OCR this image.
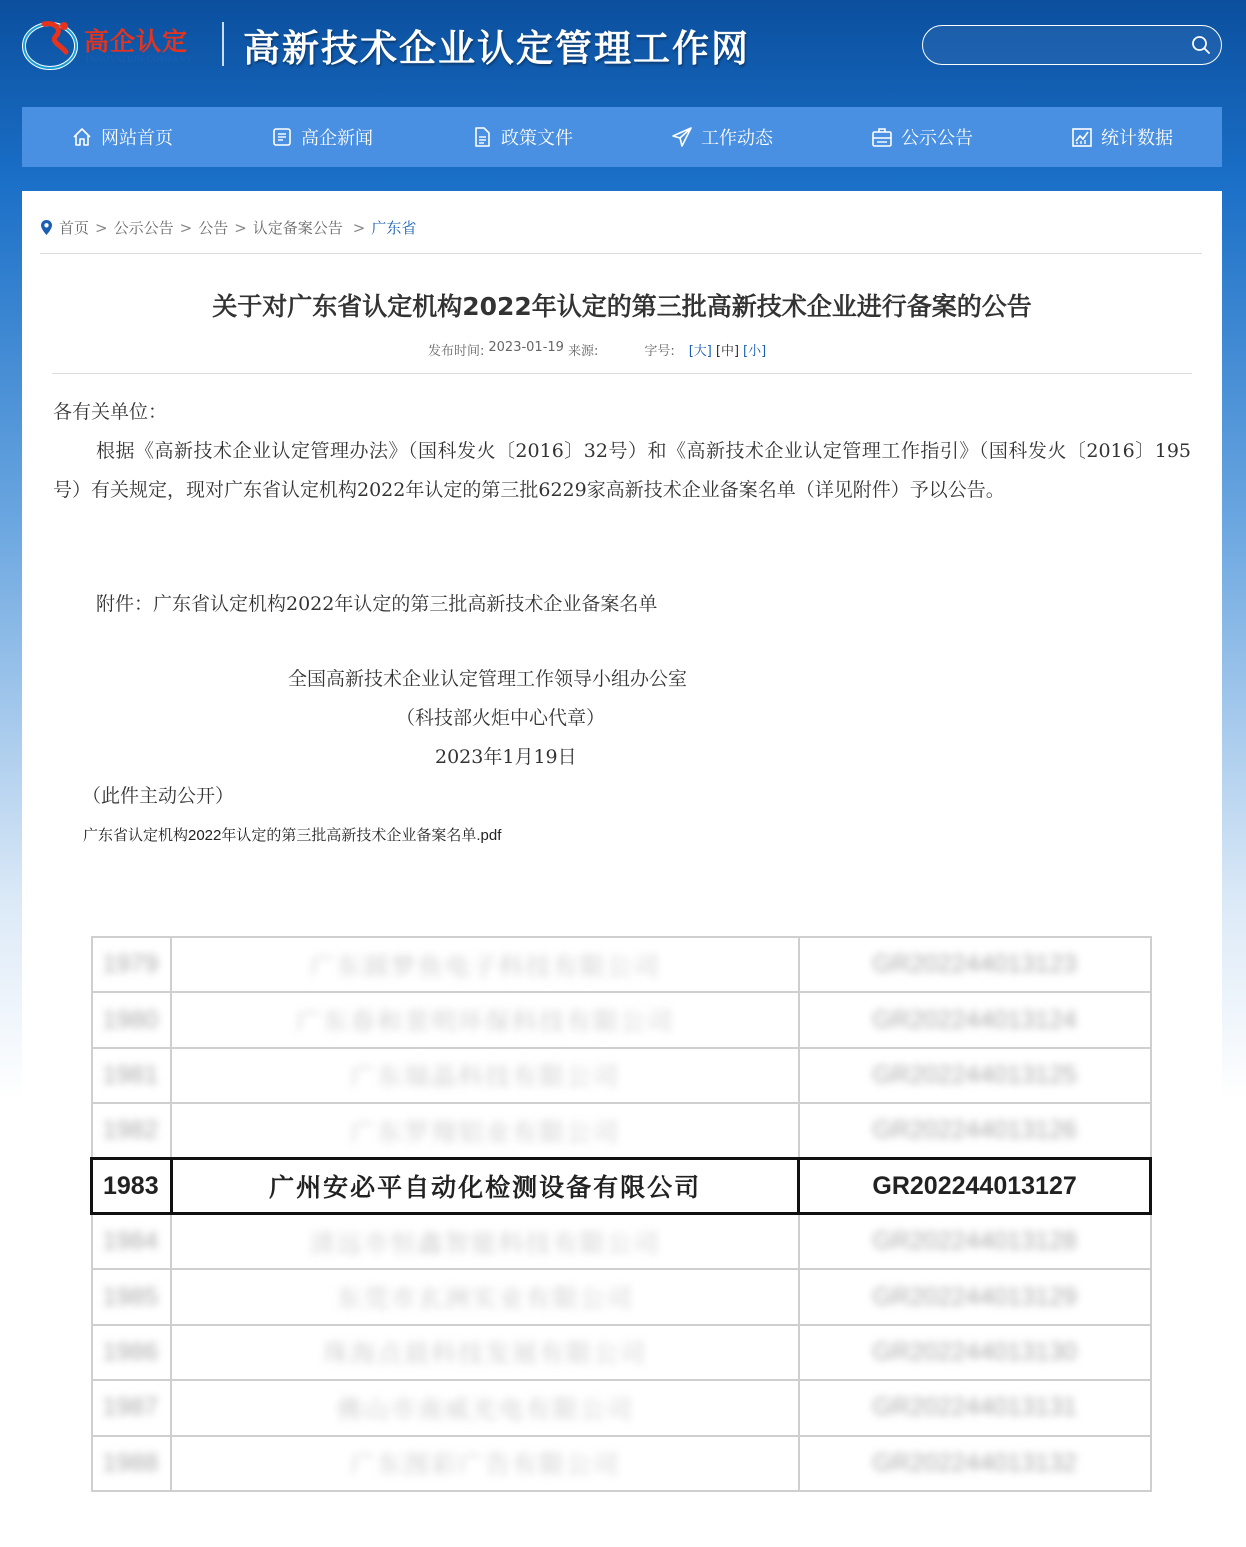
高企认定
INNOVATION COMPANY 高新技术企业认定管理工作网
网站首页	高企新闻	政策文件	工作动态	公示公告	统计数据
首页 > 公示公告 > 公告 > 认定备案公告 > 广东省
关于对广东省认定机构2022年认定的第三批高新技术企业进行备案的公告
发布时间: 2023-01-19 来源:	字号: [大] [中] [小]
各有关单位：
根据《高新技术企业认定管理办法》（国科发火〔2016〕32号）和《高新技术企业认定管理工作指引》（国科发火〔2016〕195号）有关规定，现对广东省认定机构2022年认定的第三批6229家高新技术企业备案名单（详见附件）予以公告。
附件：广东省认定机构2022年认定的第三批高新技术企业备案名单
全国高新技术企业认定管理工作领导小组办公室
（科技部火炬中心代章）
2023年1月19日
（此件主动公开）
广东省认定机构2022年认定的第三批高新技术企业备案名单.pdf
1979	广东圆梦鱼电子科技有限公司	GR202244013123
1980	广东春和景明环保科技有限公司	GR202244013124
1981	广东瑞晶科技有限公司	GR202244013125
1982	广东罗翔铝业有限公司	GR202244013126
1983	广州安必平自动化检测设备有限公司	GR202244013127
1984	清远市恒鑫智能科技有限公司	GR202244013128
1985	东莞市玄洲实业有限公司	GR202244013129
1986	珠海点晨科技发展有限公司	GR202244013130
1987	佛山市南威光电有限公司	GR202244013131
1988	广东图彩广告有限公司	GR202244013132
